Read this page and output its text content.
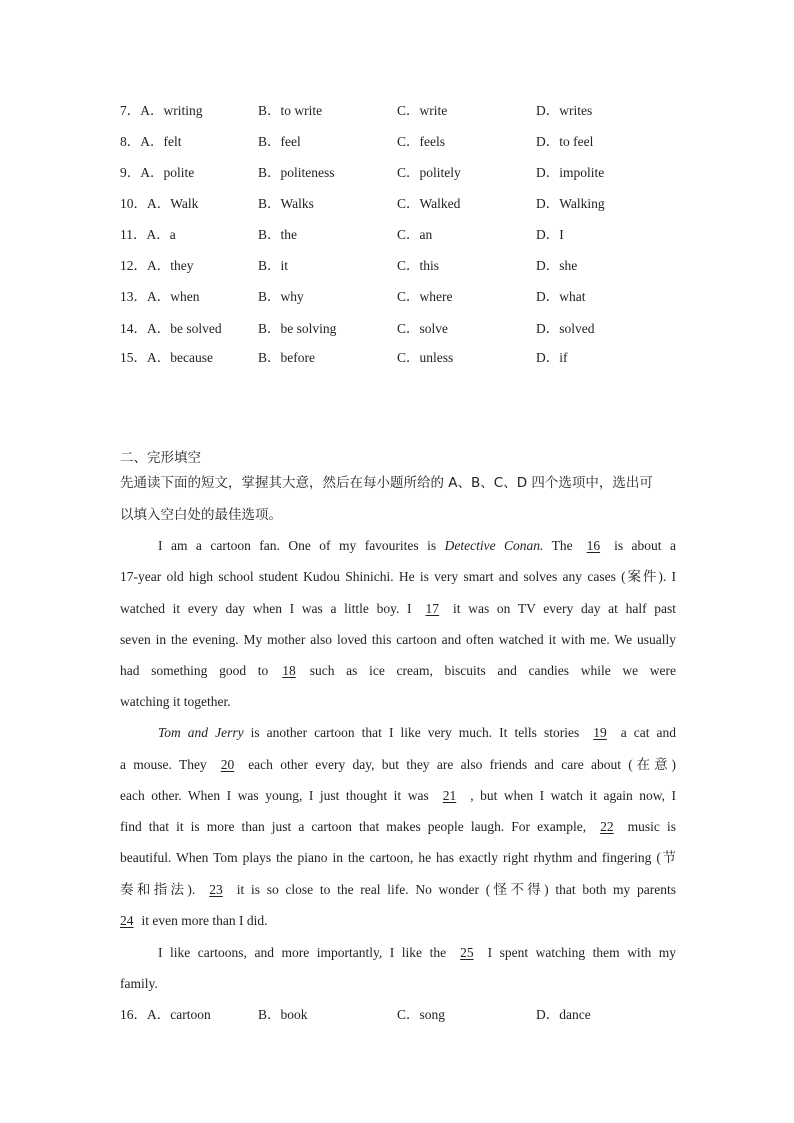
7．A．writing	B．to write	C．write	D．writes
8．A．felt	B．feel	C．feels	D．to feel
9．A．polite	B．politeness	C．politely	D．impolite
10．A．Walk	B．Walks	C．Walked	D．Walking
11．A．a	B．the	C．an	D．I
12．A．they	B．it	C．this	D．she
13．A．when	B．why	C．where	D．what
14．A．be solved	B．be solving	C．solve	D．solved
15．A．because	B．before	C．unless	D．if
二、完形填空
先通读下面的短文，掌握其大意，然后在每小题所给的 A、B、C、D 四个选项中，选出可
以填入空白处的最佳选项。
I am a cartoon fan. One of my favourites is Detective Conan. The 16 is about a
17-year old high school student Kudou Shinichi. He is very smart and solves any cases (案件). I
watched it every day when I was a little boy. I 17 it was on TV every day at half past
seven in the evening. My mother also loved this cartoon and often watched it with me. We usually
had something good to 18 such as ice cream, biscuits and candies while we were
watching it together.
Tom and Jerry is another cartoon that I like very much. It tells stories 19 a cat and
a mouse. They 20 each other every day, but they are also friends and care about (在意)
each other. When I was young, I just thought it was 21 , but when I watch it again now, I
find that it is more than just a cartoon that makes people laugh. For example, 22 music is
beautiful. When Tom plays the piano in the cartoon, he has exactly right rhythm and fingering (节
奏和指法). 23 it is so close to the real life. No wonder (怪不得) that both my parents
24 it even more than I did.
I like cartoons, and more importantly, I like the 25 I spent watching them with my
family.
16．A．cartoon	B．book	C．song	D．dance
